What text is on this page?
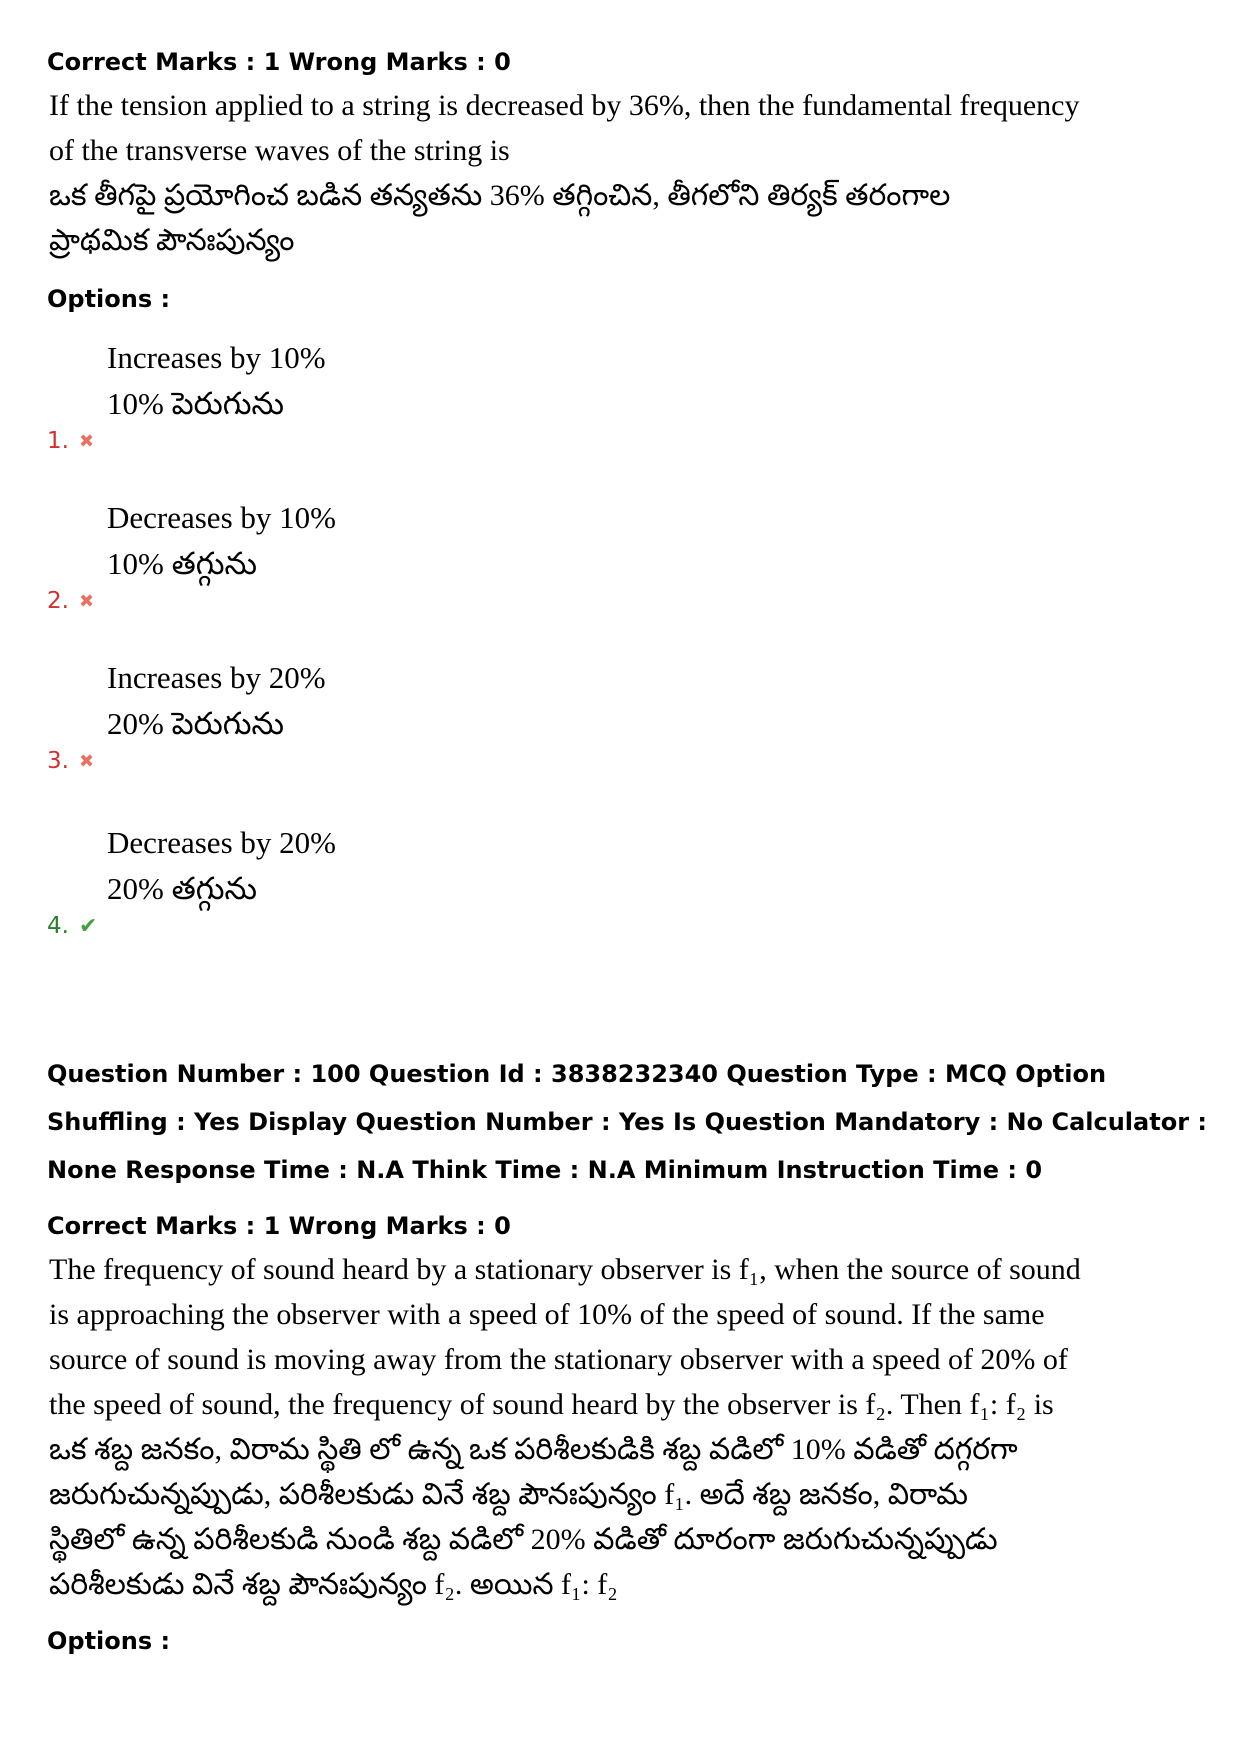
Correct Marks : 1 Wrong Marks : 0

If the tension applied to a string is decreased by 36%, then the fundamental frequency

of the transverse waves of the string is

ఒక తీగపై ప్రయోగించ బడిన తన్యతను 36% తగ్గించిన, తీగలోని తిర్యక్ తరంగాల

ప్రాథమిక పౌనఃపున్యం

Options :
Increases by 10%
10% పెరుగును
1. ✖
Decreases by 10%
10% తగ్గును
2. ✖
Increases by 20%
20% పెరుగును
3. ✖
Decreases by 20%
20% తగ్గును
4. ✔
Question Number : 100 Question Id : 3838232340 Question Type : MCQ Option Shuffling : Yes Display Question Number : Yes Is Question Mandatory : No Calculator : None Response Time : N.A Think Time : N.A Minimum Instruction Time : 0
Correct Marks : 1 Wrong Marks : 0

The frequency of sound heard by a stationary observer is f₁, when the source of sound

is approaching the observer with a speed of 10% of the speed of sound. If the same

source of sound is moving away from the stationary observer with a speed of 20% of

the speed of sound, the frequency of sound heard by the observer is f₂. Then f₁: f₂ is

ఒక శబ్ద జనకం, విరామ స్థితి లో ఉన్న ఒక పరిశీలకుడికి శబ్ద వడిలో 10% వడితో దగ్గరగా

జరుగుచున్నప్పుడు, పరిశీలకుడు వినే శబ్ద పౌనఃపున్యం f₁. అదే శబ్ద జనకం, విరామ

స్థితిలో ఉన్న పరిశీలకుడి నుండి శబ్ద వడిలో 20% వడితో దూరంగా జరుగుచున్నప్పుడు

పరిశీలకుడు వినే శబ్ద పౌనఃపున్యం f₂. అయిన f₁: f₂

Options :
